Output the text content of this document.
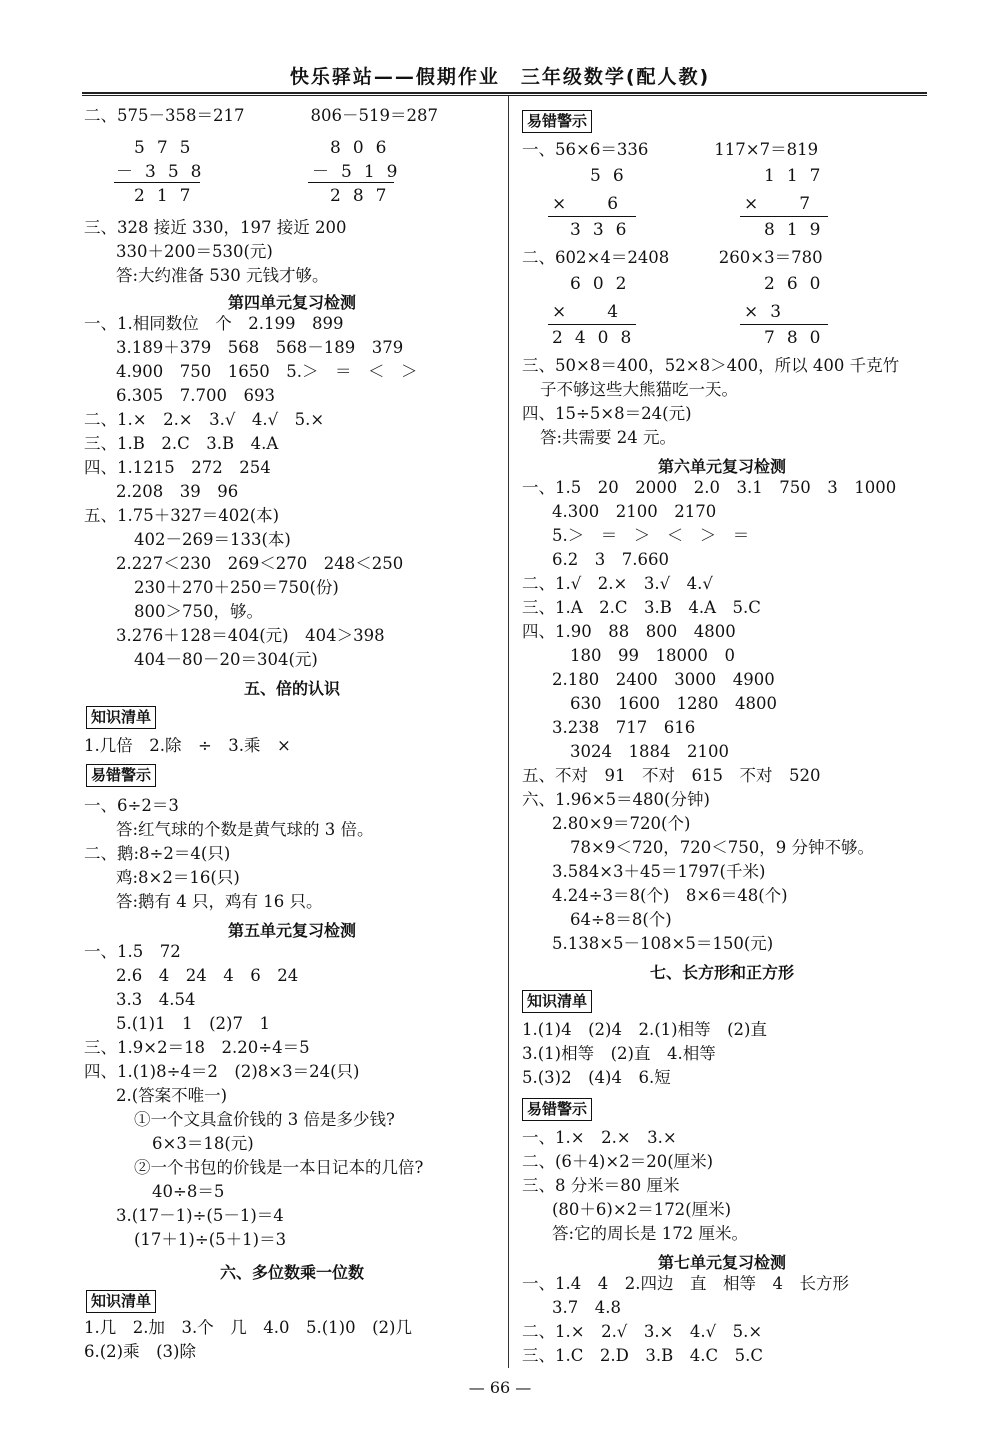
快乐驿站——假期作业　三年级数学(配人教)
二、575－358＝217　　　　806－519＝287
三、328 接近 330，197 接近 200
330＋200＝530(元)
答:大约准备 530 元钱才够。
一、1.相同数位　个　2.199　899
3.189＋379　568　568－189　379
4.900　750　1650　5.＞　＝　＜　＞
6.305　7.700　693
二、1.×　2.×　3.√　4.√　5.×
三、1.B　2.C　3.B　4.A
四、1.1215　272　254
2.208　39　96
五、1.75＋327＝402(本)
402－269＝133(本)
2.227＜230　269＜270　248＜250
230＋270＋250＝750(份)
800＞750，够。
3.276＋128＝404(元)　404＞398
404－80－20＝304(元)
1.几倍　2.除　÷　3.乘　×
一、6÷2＝3
答:红气球的个数是黄气球的 3 倍。
二、鹅:8÷2＝4(只)
鸡:8×2＝16(只)
答:鹅有 4 只，鸡有 16 只。
一、1.5　72
2.6　4　24　4　6　24
3.3　4.54
5.(1)1　1　(2)7　1
三、1.9×2＝18　2.20÷4＝5
四、1.(1)8÷4＝2　(2)8×3＝24(只)
2.(答案不唯一)
①一个文具盒价钱的 3 倍是多少钱?
6×3＝18(元)
②一个书包的价钱是一本日记本的几倍?
40÷8＝5
3.(17－1)÷(5－1)＝4
(17＋1)÷(5＋1)＝3
1.几　2.加　3.个　几　4.0　5.(1)0　(2)几
6.(2)乘　(3)除
第四单元复习检测
五、倍的认识
第五单元复习检测
六、多位数乘一位数
知识清单
易错警示
知识清单
575
－358
217
806
－519
287
一、56×6＝336　　　　117×7＝819
二、602×4＝2408　　　260×3＝780
三、50×8＝400，52×8＞400，所以 400 千克竹
子不够这些大熊猫吃一天。
四、15÷5×8＝24(元)
答:共需要 24 元。
一、1.5　20　2000　2.0　3.1　750　3　1000
4.300　2100　2170
5.＞　＝　＞　＜　＞　＝
6.2　3　7.660
二、1.√　2.×　3.√　4.√
三、1.A　2.C　3.B　4.A　5.C
四、1.90　88　800　4800
180　99　18000　0
2.180　2400　3000　4900
630　1600　1280　4800
3.238　717　616
3024　1884　2100
五、不对　91　不对　615　不对　520
六、1.96×5＝480(分钟)
2.80×9＝720(个)
78×9＜720，720＜750，9 分钟不够。
3.584×3＋45＝1797(千米)
4.24÷3＝8(个)　8×6＝48(个)
64÷8＝8(个)
5.138×5－108×5＝150(元)
1.(1)4　(2)4　2.(1)相等　(2)直
3.(1)相等　(2)直　4.相等
5.(3)2　(4)4　6.短
一、1.×　2.×　3.×
二、(6＋4)×2＝20(厘米)
三、8 分米＝80 厘米
(80＋6)×2＝172(厘米)
答:它的周长是 172 厘米。
一、1.4　4　2.四边　直　相等　4　长方形
3.7　4.8
二、1.×　2.√　3.×　4.√　5.×
三、1.C　2.D　3.B　4.C　5.C
第六单元复习检测
七、长方形和正方形
第七单元复习检测
易错警示
知识清单
易错警示
56
×　6
336
117
×　7
819
602
×　4
2408
260
×3
780
— 66 —
